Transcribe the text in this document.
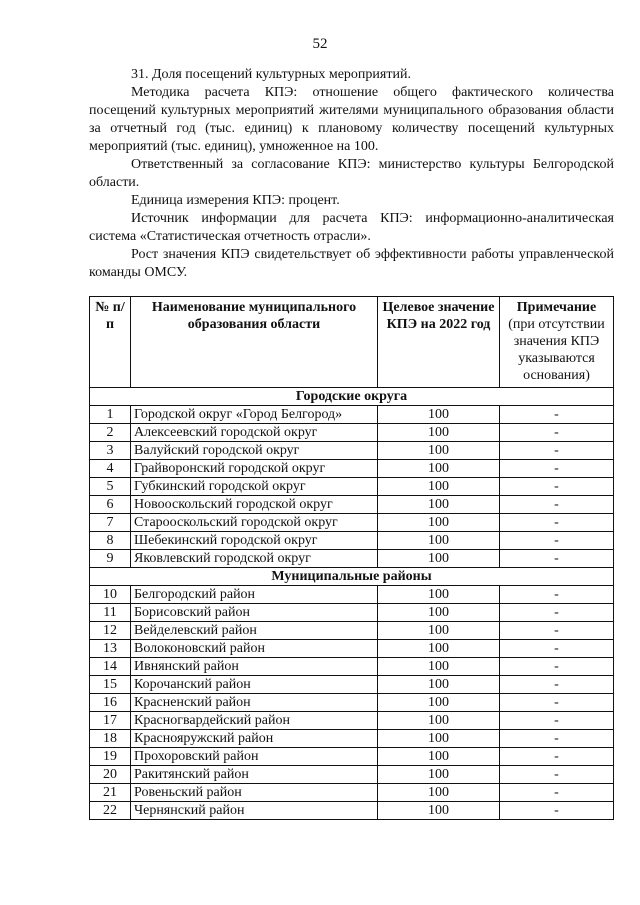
52

31. Доля посещений культурных мероприятий.

Методика расчета КПЭ: отношение общего фактического количества посещений культурных мероприятий жителями муниципального образования области за отчетный год (тыс. единиц) к плановому количеству посещений культурных мероприятий (тыс. единиц), умноженное на 100.

Ответственный за согласование КПЭ: министерство культуры Белгородской области.

Единица измерения КПЭ: процент.

Источник информации для расчета КПЭ: информационно-аналитическая система «Статистическая отчетность отрасли».

Рост значения КПЭ свидетельствует об эффективности работы управленческой команды ОМСУ.

№ п/п	Наименование муниципального образования области	Целевое значение КПЭ на 2022 год	Примечание
(при отсутствии значения КПЭ указываются основания)

Городские округа			
1	Городской округ «Город Белгород»	100	-
2	Алексеевский городской округ	100	-
3	Валуйский городской округ	100	-
4	Грайворонский городской округ	100	-
5	Губкинский городской округ	100	-
6	Новооскольский городской округ	100	-
7	Старооскольский городской округ	100	-
8	Шебекинский городской округ	100	-
9	Яковлевский городской округ	100	-
Муниципальные районы			
10	Белгородский район	100	-
11	Борисовский район	100	-
12	Вейделевский район	100	-
13	Волоконовский район	100	-
14	Ивнянский район	100	-
15	Корочанский район	100	-
16	Красненский район	100	-
17	Красногвардейский район	100	-
18	Краснояружский район	100	-
19	Прохоровский район	100	-
20	Ракитянский район	100	-
21	Ровеньский район	100	-
22	Чернянский район	100	-
